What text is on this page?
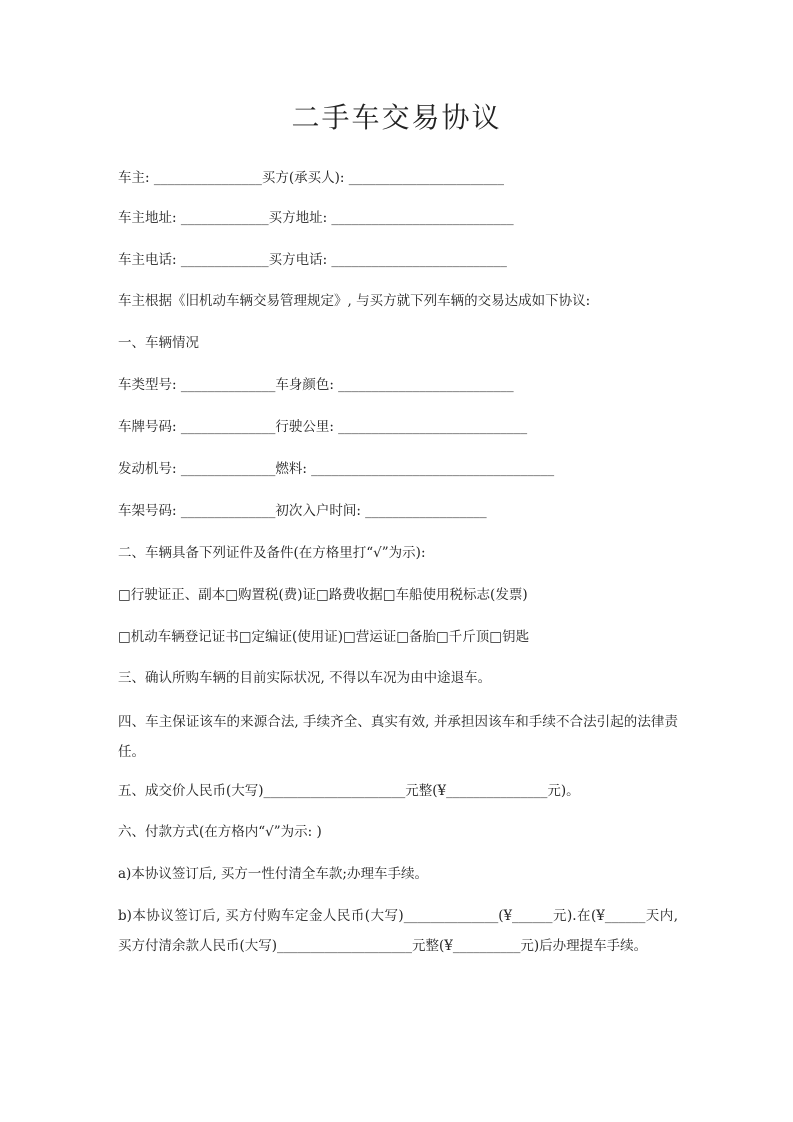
二手车交易协议
车主: ________________买方(承买人): _______________________
车主地址: _____________买方地址: ___________________________
车主电话: _____________买方电话: __________________________
车主根据《旧机动车辆交易管理规定》, 与买方就下列车辆的交易达成如下协议:
一、车辆情况
车类型号: ______________车身颜色: __________________________
车牌号码: ______________行驶公里: ____________________________
发动机号: ______________燃料: ____________________________________
车架号码: ______________初次入户时间: __________________
二、车辆具备下列证件及备件(在方格里打“√”为示):
□行驶证正、副本□购置税(费)证□路费收据□车船使用税标志(发票)
□机动车辆登记证书□定编证(使用证)□营运证□备胎□千斤顶□钥匙
三、确认所购车辆的目前实际状况, 不得以车况为由中途退车。
四、车主保证该车的来源合法, 手续齐全、真实有效, 并承担因该车和手续不合法引起的法律责任。
五、成交价人民币(大写)_____________________元整(¥_______________元)。
六、付款方式(在方格内“√”为示: )
a)本协议签订后, 买方一性付清全车款;办理车手续。
b)本协议签订后, 买方付购车定金人民币(大写)______________(¥______元).在(¥______天内, 买方付清余款人民币(大写)____________________元整(¥__________元)后办理提车手续。
